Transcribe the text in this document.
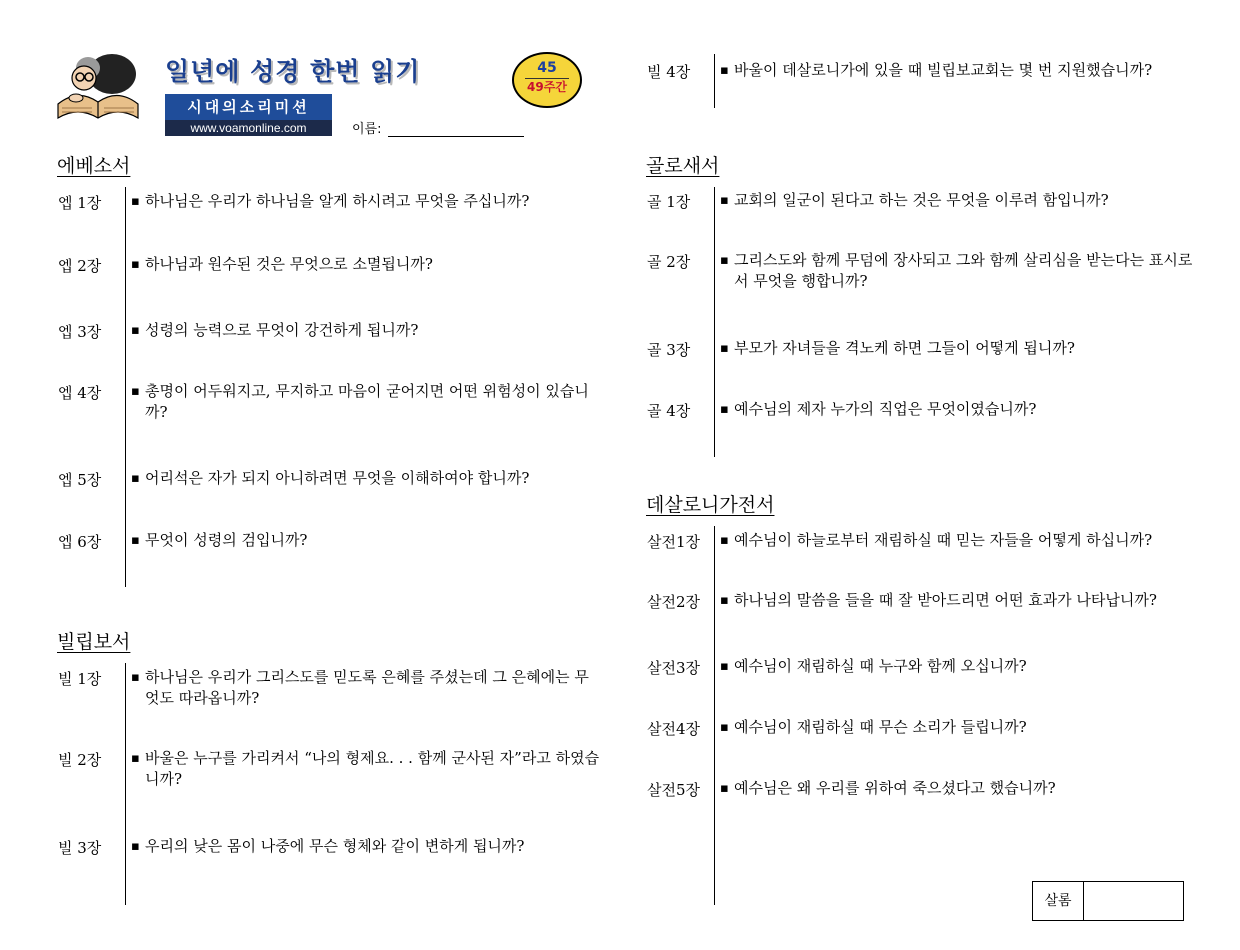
일년에 성경 한번 읽기
시대의소리미션
www.voamonline.com	이름:
45
49주간
에베소서
엡 1장	▪ 하나님은 우리가 하나님을 알게 하시려고 무엇을 주십니까?
엡 2장	▪ 하나님과 원수된 것은 무엇으로 소멸됩니까?
엡 3장	▪ 성령의 능력으로 무엇이 강건하게 됩니까?
엡 4장	▪ 총명이 어두워지고, 무지하고 마음이 굳어지면 어떤 위험성이 있습니까?
엡 5장	▪ 어리석은 자가 되지 아니하려면 무엇을 이해하여야 합니까?
엡 6장	▪ 무엇이 성령의 검입니까?
빌립보서
빌 1장	▪ 하나님은 우리가 그리스도를 믿도록 은혜를 주셨는데 그 은혜에는 무엇도 따라옵니까?
빌 2장	▪ 바울은 누구를 가리켜서 “나의 형제요. . . 함께 군사된 자”라고 하였습니까?
빌 3장	▪ 우리의 낮은 몸이 나중에 무슨 형체와 같이 변하게 됩니까?
빌 4장	▪ 바울이 데살로니가에 있을 때 빌립보교회는 몇 번 지원했습니까?
골로새서
골 1장	▪ 교회의 일군이 된다고 하는 것은 무엇을 이루려 함입니까?
골 2장	▪ 그리스도와 함께 무덤에 장사되고 그와 함께 살리심을 받는다는 표시로서 무엇을 행합니까?
골 3장	▪ 부모가 자녀들을 격노케 하면 그들이 어떻게 됩니까?
골 4장	▪ 예수님의 제자 누가의 직업은 무엇이였습니까?
데살로니가전서
살전1장	▪ 예수님이 하늘로부터 재림하실 때 믿는 자들을 어떻게 하십니까?
살전2장	▪ 하나님의 말씀을 들을 때 잘 받아드리면 어떤 효과가 나타납니까?
살전3장	▪ 예수님이 재림하실 때 누구와 함께 오십니까?
살전4장	▪ 예수님이 재림하실 때 무슨 소리가 들립니까?
살전5장	▪ 예수님은 왜 우리를 위하여 죽으셨다고 했습니까?
살롬
